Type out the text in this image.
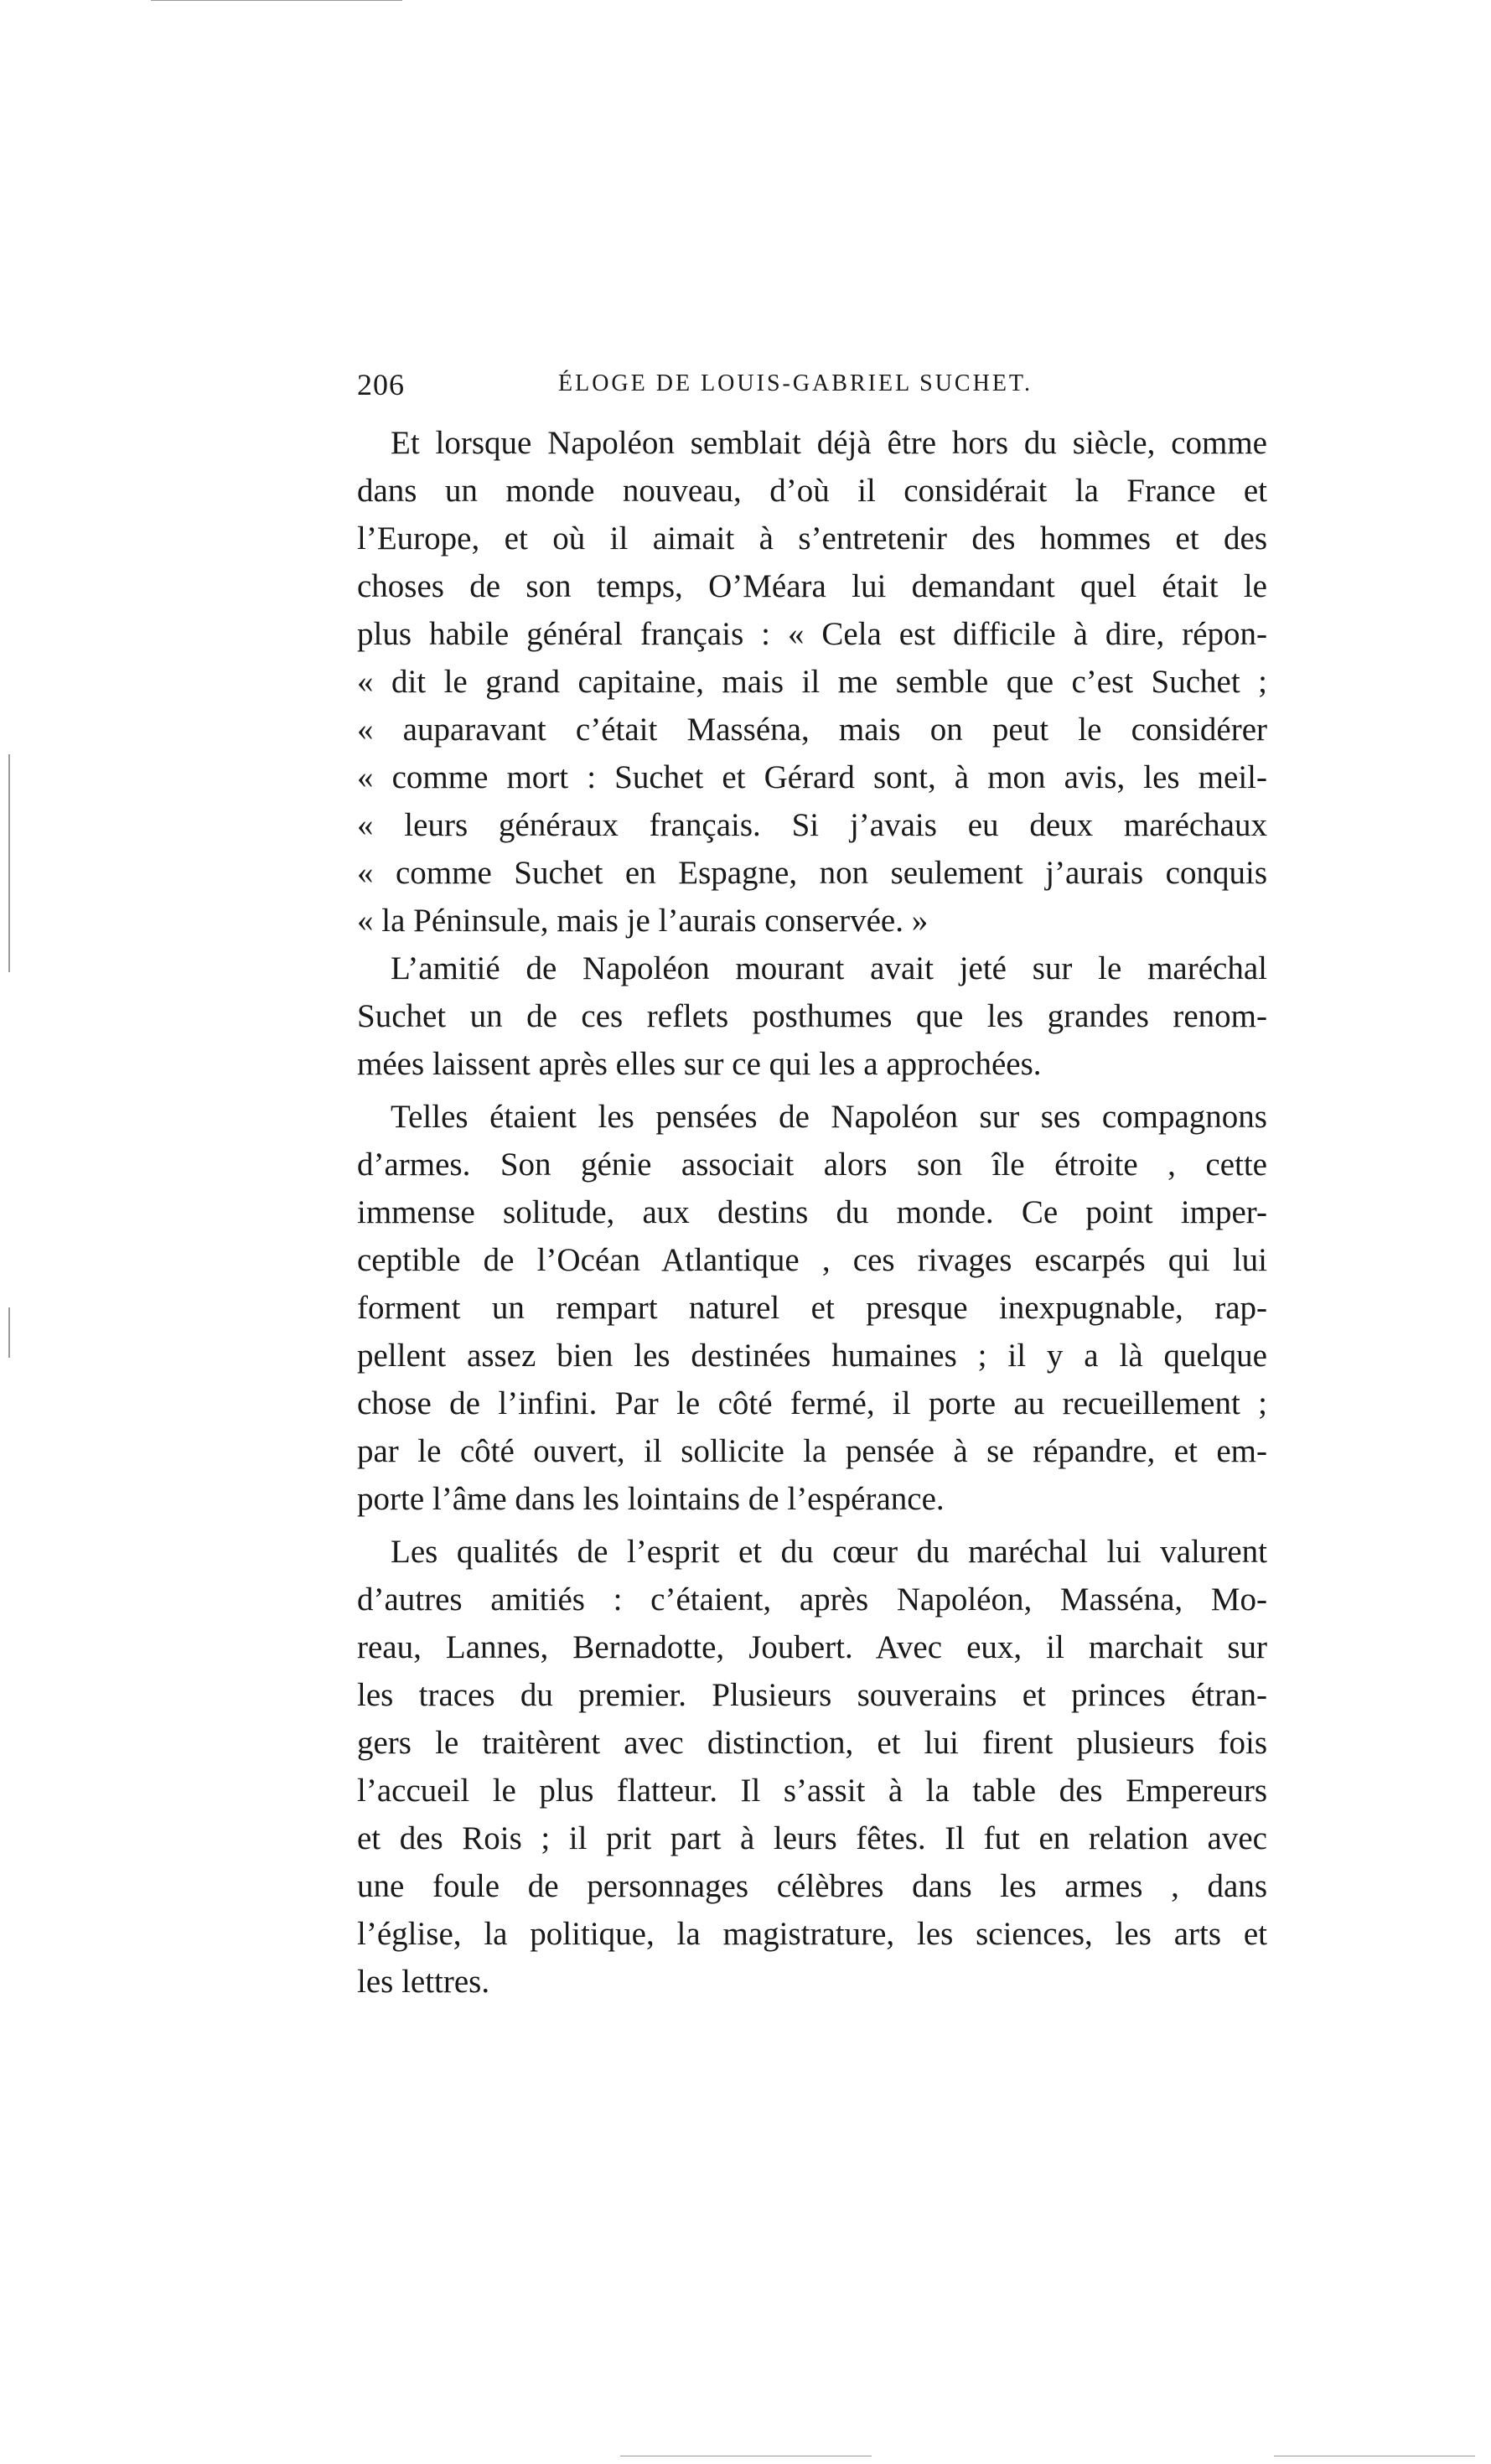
206	ÉLOGE DE LOUIS-GABRIEL SUCHET.
Et lorsque Napoléon semblait déjà être hors du siècle, comme
dans un monde nouveau, d’où il considérait la France et
l’Europe, et où il aimait à s’entretenir des hommes et des
choses de son temps, O’Méara lui demandant quel était le
plus habile général français : « Cela est difficile à dire, répon-
« dit le grand capitaine, mais il me semble que c’est Suchet ;
« auparavant c’était Masséna, mais on peut le considérer
« comme mort : Suchet et Gérard sont, à mon avis, les meil-
« leurs généraux français. Si j’avais eu deux maréchaux
« comme Suchet en Espagne, non seulement j’aurais conquis
« la Péninsule, mais je l’aurais conservée. »
L’amitié de Napoléon mourant avait jeté sur le maréchal
Suchet un de ces reflets posthumes que les grandes renom-
mées laissent après elles sur ce qui les a approchées.
Telles étaient les pensées de Napoléon sur ses compagnons
d’armes. Son génie associait alors son île étroite , cette
immense solitude, aux destins du monde. Ce point imper-
ceptible de l’Océan Atlantique , ces rivages escarpés qui lui
forment un rempart naturel et presque inexpugnable, rap-
pellent assez bien les destinées humaines ; il y a là quelque
chose de l’infini. Par le côté fermé, il porte au recueillement ;
par le côté ouvert, il sollicite la pensée à se répandre, et em-
porte l’âme dans les lointains de l’espérance.
Les qualités de l’esprit et du cœur du maréchal lui valurent
d’autres amitiés : c’étaient, après Napoléon, Masséna, Mo-
reau, Lannes, Bernadotte, Joubert. Avec eux, il marchait sur
les traces du premier. Plusieurs souverains et princes étran-
gers le traitèrent avec distinction, et lui firent plusieurs fois
l’accueil le plus flatteur. Il s’assit à la table des Empereurs
et des Rois ; il prit part à leurs fêtes. Il fut en relation avec
une foule de personnages célèbres dans les armes , dans
l’église, la politique, la magistrature, les sciences, les arts et
les lettres.
